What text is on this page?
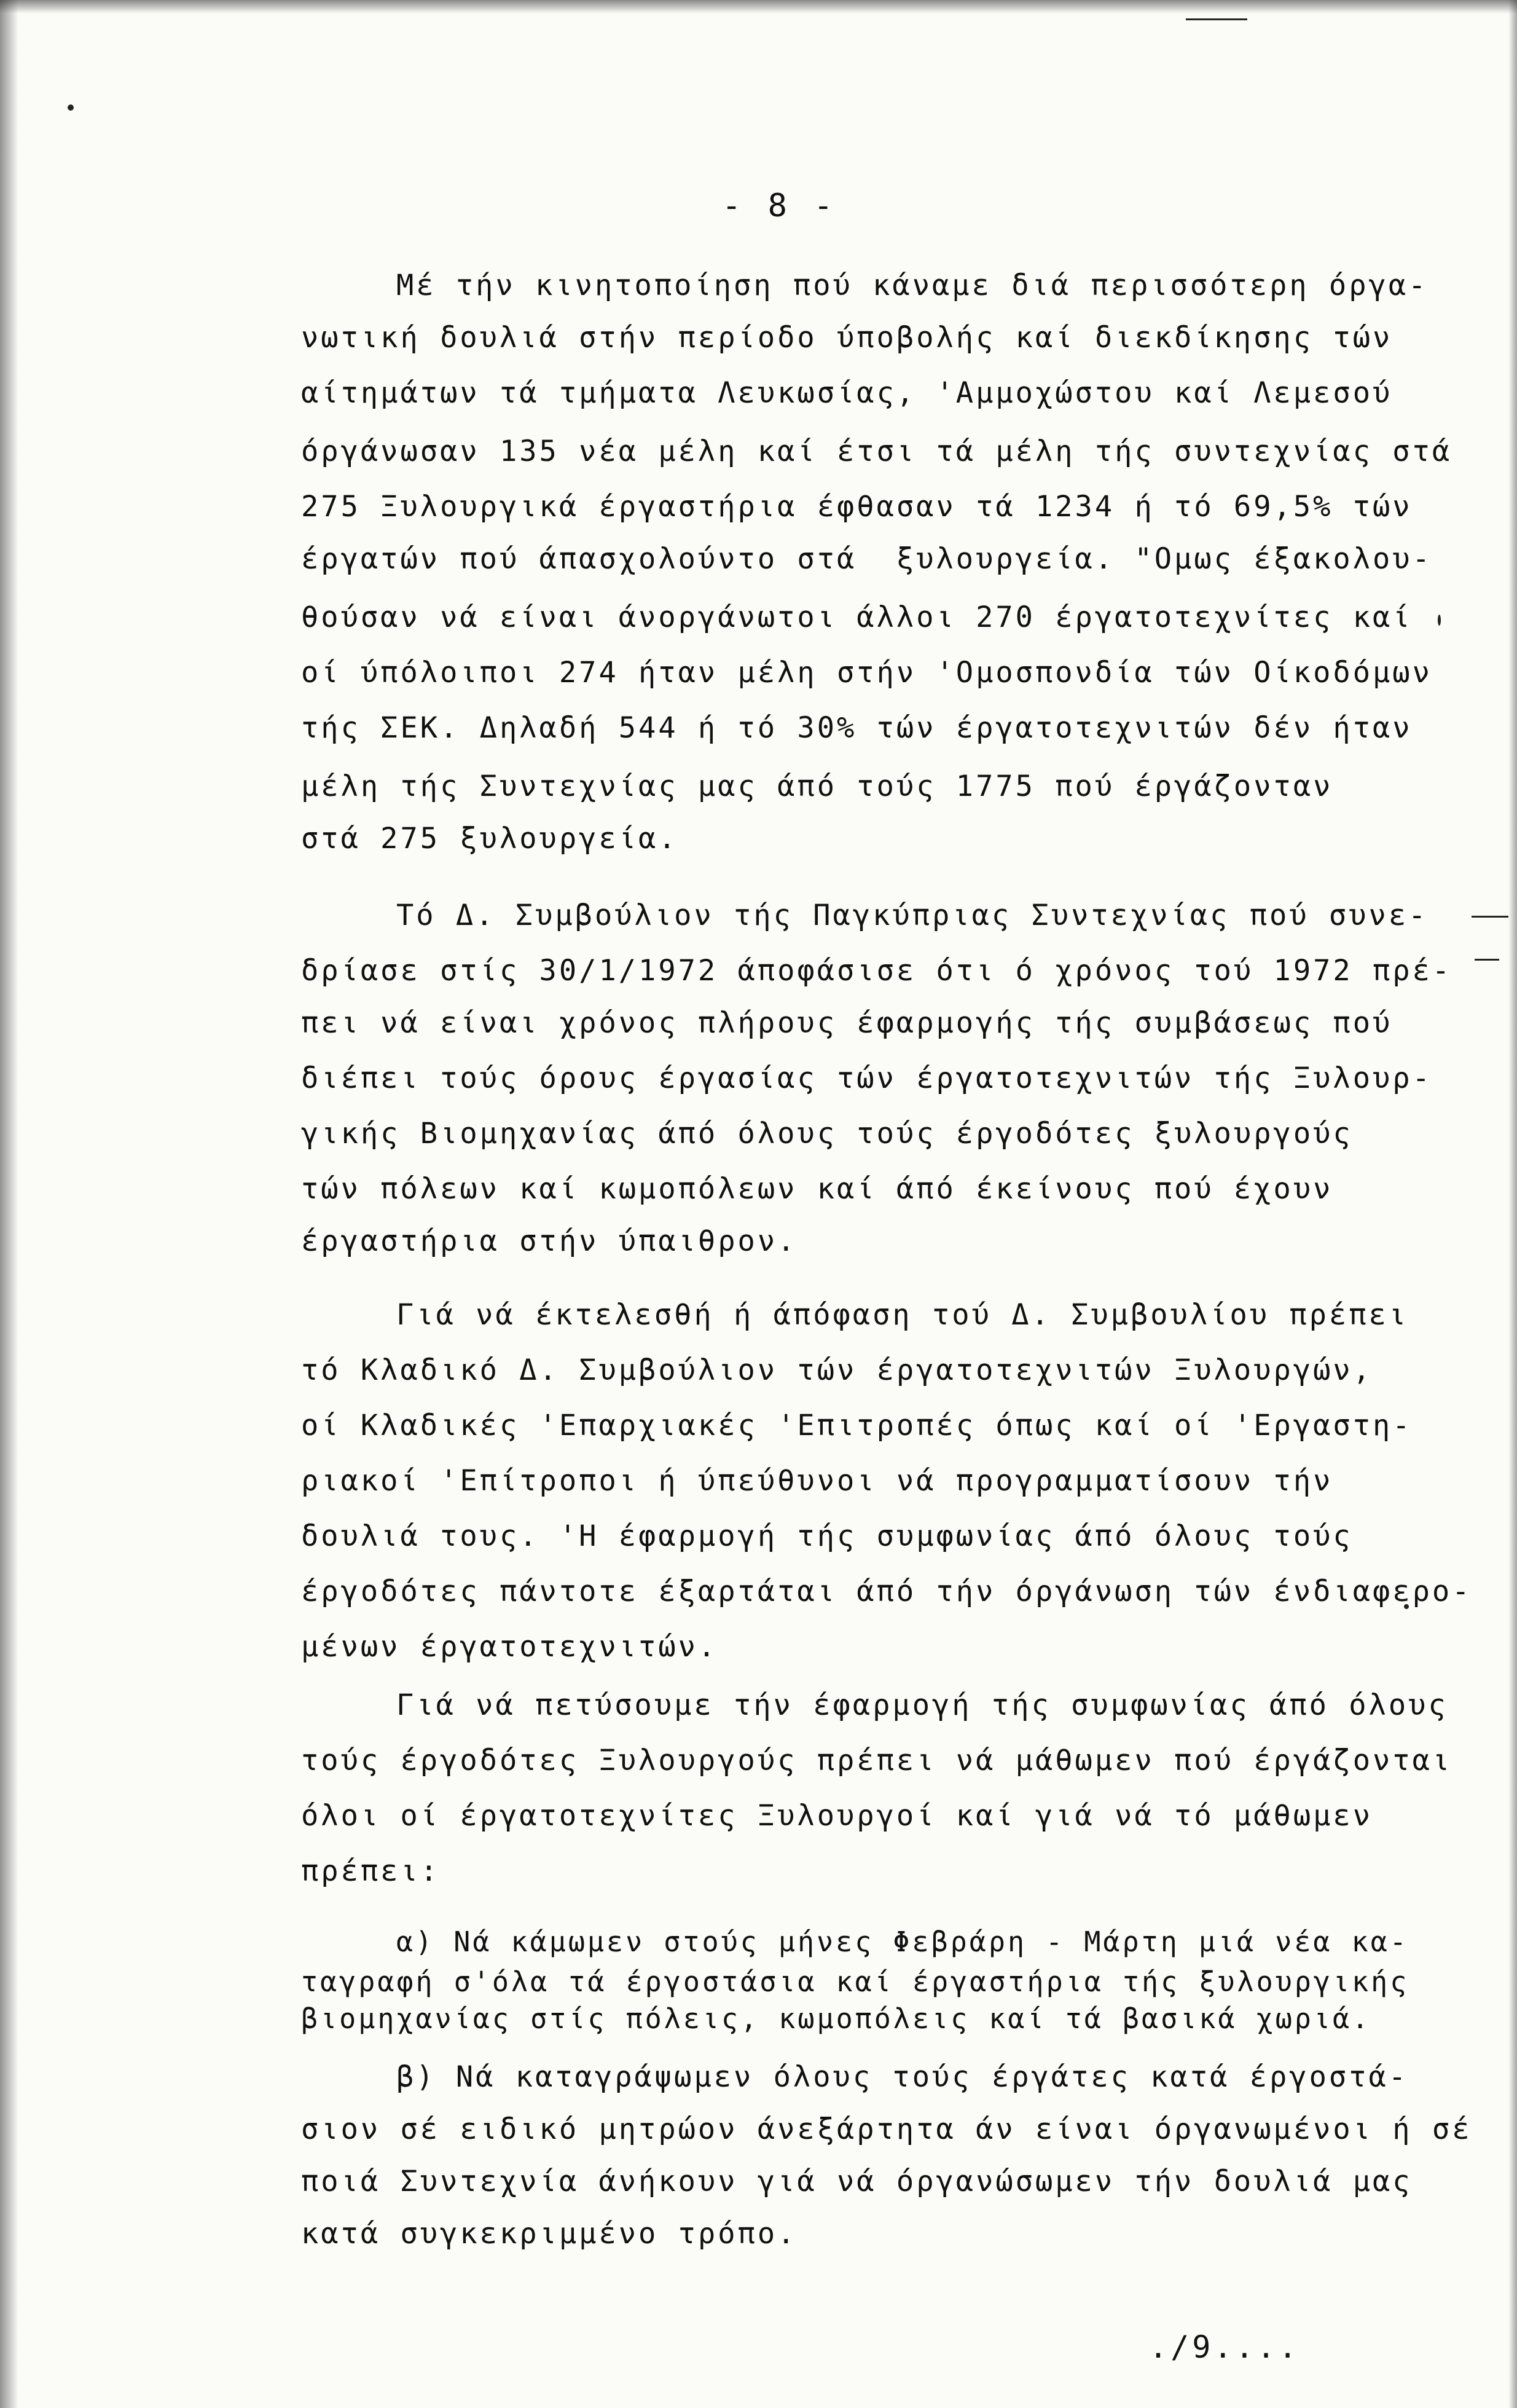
- 8 -
Μέ τήν κινητοποίηση πού κάναμε διά περισσότερη όργα-
νωτική δουλιά στήν περίοδο ύποβολής καί διεκδίκησης τών
αίτημάτων τά τμήματα Λευκωσίας, 'Αμμοχώστου καί Λεμεσού
όργάνωσαν 135 νέα μέλη καί έτσι τά μέλη τής συντεχνίας στά
275 Ξυλουργικά έργαστήρια έφθασαν τά 1234 ή τό 69,5% τών
έργατών πού άπασχολούντο στά  ξυλουργεία. "Ομως έξακολου-
θούσαν νά είναι άνοργάνωτοι άλλοι 270 έργατοτεχνίτες καί
οί ύπόλοιποι 274 ήταν μέλη στήν 'Ομοσπονδία τών Οίκοδόμων
τής ΣΕΚ. Δηλαδή 544 ή τό 30% τών έργατοτεχνιτών δέν ήταν
μέλη τής Συντεχνίας μας άπό τούς 1775 πού έργάζονταν
στά 275 ξυλουργεία.
Τό Δ. Συμβούλιον τής Παγκύπριας Συντεχνίας πού συνε-
δρίασε στίς 30/1/1972 άποφάσισε ότι ό χρόνος τού 1972 πρέ-
πει νά είναι χρόνος πλήρους έφαρμογής τής συμβάσεως πού
διέπει τούς όρους έργασίας τών έργατοτεχνιτών τής Ξυλουρ-
γικής Βιομηχανίας άπό όλους τούς έργοδότες ξυλουργούς
τών πόλεων καί κωμοπόλεων καί άπό έκείνους πού έχουν
έργαστήρια στήν ύπαιθρον.
Γιά νά έκτελεσθή ή άπόφαση τού Δ. Συμβουλίου πρέπει
τό Κλαδικό Δ. Συμβούλιον τών έργατοτεχνιτών Ξυλουργών,
οί Κλαδικές 'Επαρχιακές 'Επιτροπές όπως καί οί 'Εργαστη-
ριακοί 'Επίτροποι ή ύπεύθυνοι νά προγραμματίσουν τήν
δουλιά τους. 'Η έφαρμογή τής συμφωνίας άπό όλους τούς
έργοδότες πάντοτε έξαρτάται άπό τήν όργάνωση τών ένδιαφερο-
μένων έργατοτεχνιτών.
Γιά νά πετύσουμε τήν έφαρμογή τής συμφωνίας άπό όλους
τούς έργοδότες Ξυλουργούς πρέπει νά μάθωμεν πού έργάζονται
όλοι οί έργατοτεχνίτες Ξυλουργοί καί γιά νά τό μάθωμεν
πρέπει:
α) Νά κάμωμεν στούς μήνες Φεβράρη - Μάρτη μιά νέα κα-
ταγραφή σ'όλα τά έργοστάσια καί έργαστήρια τής ξυλουργικής
βιομηχανίας στίς πόλεις, κωμοπόλεις καί τά βασικά χωριά.
β) Νά καταγράψωμεν όλους τούς έργάτες κατά έργοστά-
σιον σέ ειδικό μητρώον άνεξάρτητα άν είναι όργανωμένοι ή σέ
ποιά Συντεχνία άνήκουν γιά νά όργανώσωμεν τήν δουλιά μας
κατά συγκεκριμμένο τρόπο.
./9....
